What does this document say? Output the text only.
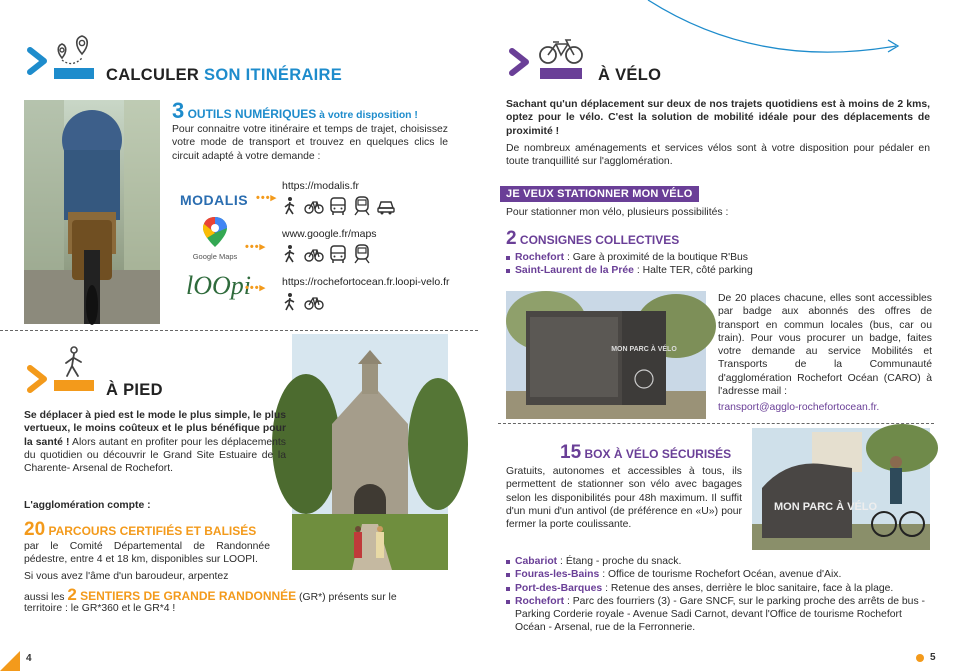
CALCULER SON ITINÉRAIRE
3 OUTILS NUMÉRIQUES à votre disposition !
Pour connaitre votre itinéraire et temps de trajet, choisissez votre mode de transport et trouvez en quelques clics le circuit adapté à votre demande :
MODALIS •••▸
https://modalis.fr
Google Maps
•••▸
www.google.fr/maps
lOOpi
•••▸ https://rochefortocean.fr.loopi-velo.fr
À PIED
Se déplacer à pied est le mode le plus simple, le plus vertueux, le moins coûteux et le plus bénéfique pour la santé ! Alors autant en profiter pour les déplacements du quotidien ou découvrir le Grand Site Estuaire de la Charente- Arsenal de Rochefort.
L'agglomération compte :
20 PARCOURS CERTIFIÉS ET BALISÉS
par le Comité Départemental de Randonnée pédestre, entre 4 et 18 km, disponibles sur LOOPI.
Si vous avez l'âme d'un baroudeur, arpentez
aussi les 2 SENTIERS DE GRANDE RANDONNÉE (GR*) présents sur le
territoire : le GR*360 et le GR*4 !
4
À VÉLO
Sachant qu'un déplacement sur deux de nos trajets quotidiens est à moins de 2 kms, optez pour le vélo. C'est la solution de mobilité idéale pour des déplacements de proximité !
De nombreux aménagements et services vélos sont à votre disposition pour pédaler en toute tranquillité sur l'agglomération.
JE VEUX STATIONNER MON VÉLO
Pour stationner mon vélo, plusieurs possibilités :
2 CONSIGNES COLLECTIVES
Rochefort : Gare à proximité de la boutique R'Bus
Saint-Laurent de la Prée : Halte TER, côté parking
MON PARC À VÉLO
De 20 places chacune, elles sont accessibles par badge aux abonnés des offres de transport en commun locales (bus, car ou train). Pour vous procurer un badge, faites votre demande au service Mobilités et Transports de la Communauté d'agglomération Rochefort Océan (CARO) à l'adresse mail :
transport@agglo-rochefortocean.fr.
MON PARC À VÉLO
15 BOX À VÉLO SÉCURISÉS
Gratuits, autonomes et accessibles à tous, ils permettent de stationner son vélo avec bagages selon les disponibilités pour 48h maximum. Il suffit d'un muni d'un antivol (de préférence en «U») pour fermer la porte coulissante.
Cabariot : Étang - proche du snack.
Fouras-les-Bains : Office de tourisme Rochefort Océan, avenue d'Aix.
Port-des-Barques : Retenue des anses, derrière le bloc sanitaire, face à la plage.
Rochefort : Parc des fourriers (3) - Gare SNCF, sur le parking proche des arrêts de bus - Parking Corderie royale - Avenue Sadi Carnot, devant l'Office de tourisme Rochefort Océan - Arsenal, rue de la Ferronnerie.
5
